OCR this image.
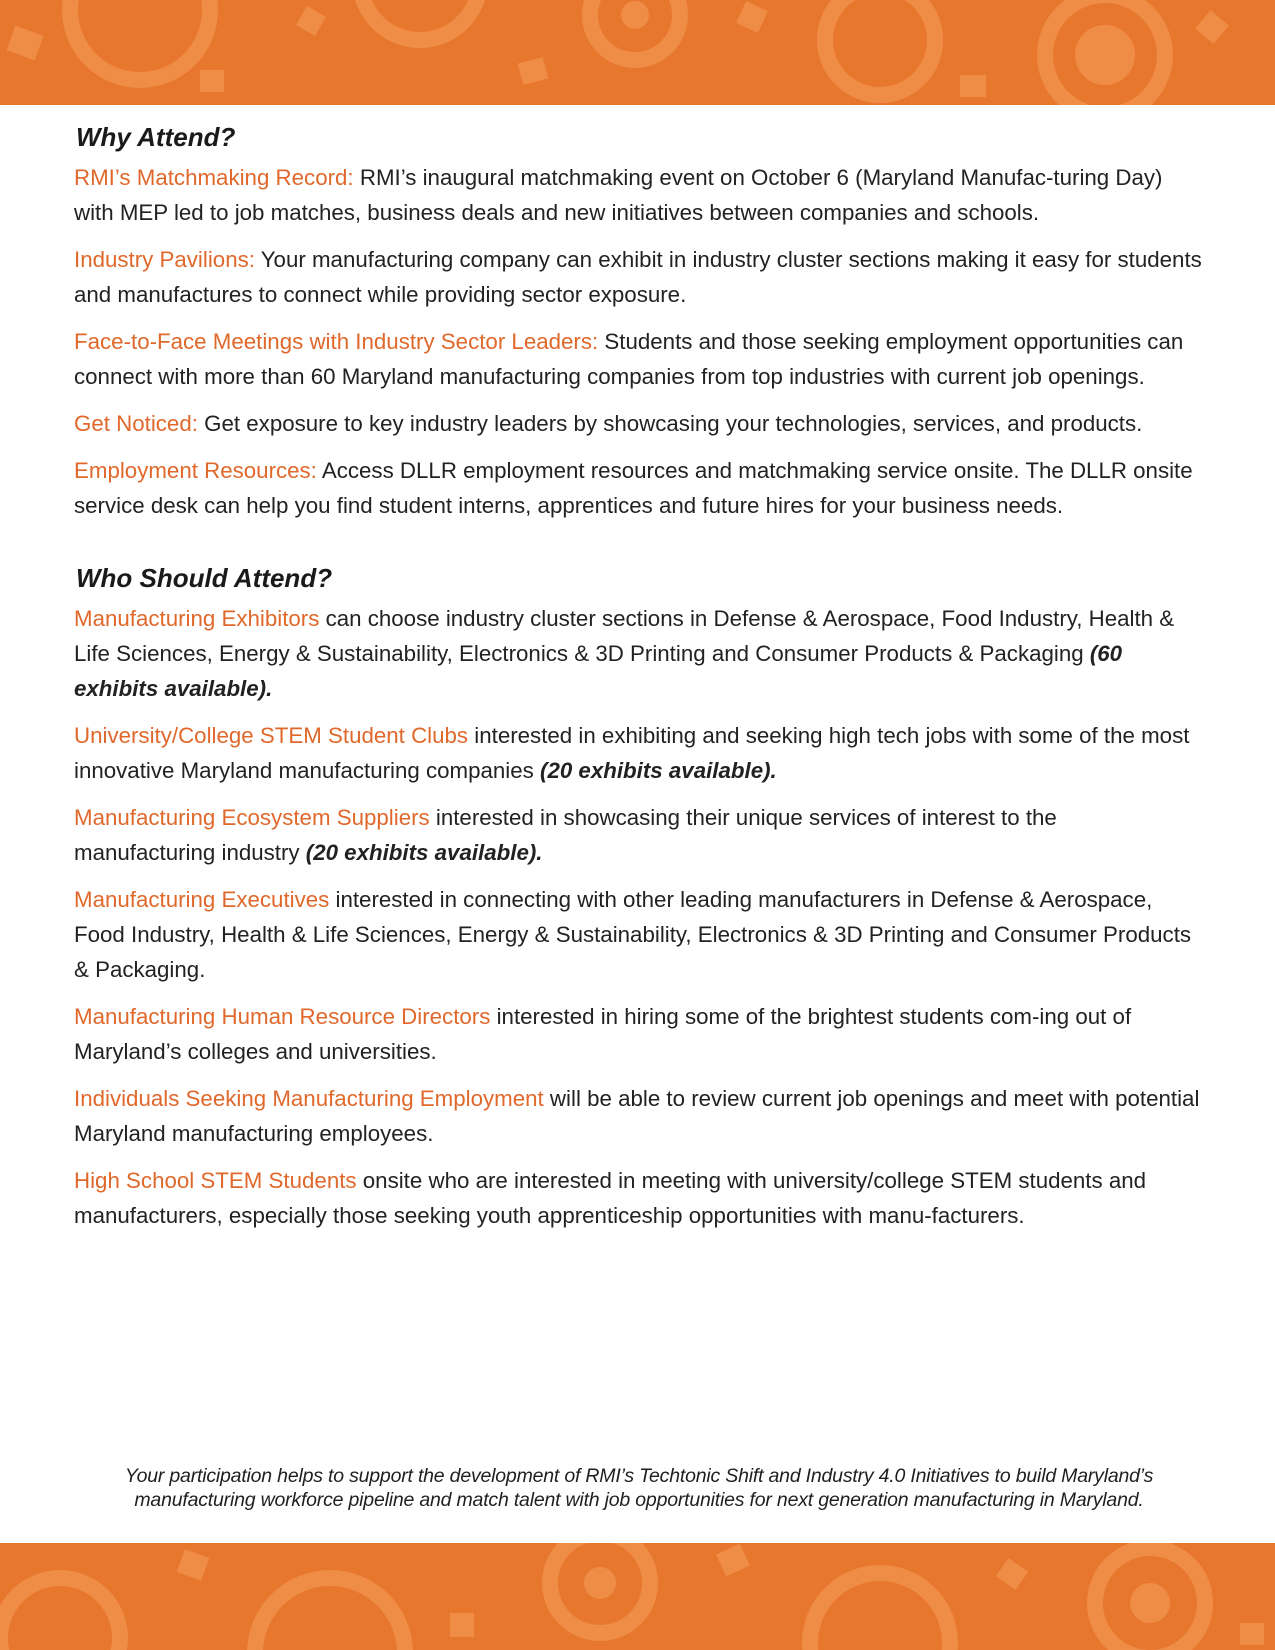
Why Attend?

RMI’s Matchmaking Record: RMI’s inaugural matchmaking event on October 6 (Maryland Manufac-turing Day) with MEP led to job matches, business deals and new initiatives between companies and schools.

Industry Pavilions: Your manufacturing company can exhibit in industry cluster sections making it easy for students and manufactures to connect while providing sector exposure.

Face-to-Face Meetings with Industry Sector Leaders: Students and those seeking employment opportunities can connect with more than 60 Maryland manufacturing companies from top industries with current job openings.

Get Noticed: Get exposure to key industry leaders by showcasing your technologies, services, and products.

Employment Resources: Access DLLR employment resources and matchmaking service onsite. The DLLR onsite service desk can help you find student interns, apprentices and future hires for your business needs.

Who Should Attend?

Manufacturing Exhibitors can choose industry cluster sections in Defense & Aerospace, Food Industry, Health & Life Sciences, Energy & Sustainability, Electronics & 3D Printing and Consumer Products & Packaging (60 exhibits available).

University/College STEM Student Clubs interested in exhibiting and seeking high tech jobs with some of the most innovative Maryland manufacturing companies (20 exhibits available).

Manufacturing Ecosystem Suppliers interested in showcasing their unique services of interest to the manufacturing industry (20 exhibits available).

Manufacturing Executives interested in connecting with other leading manufacturers in Defense & Aerospace, Food Industry, Health & Life Sciences, Energy & Sustainability, Electronics & 3D Printing and Consumer Products & Packaging.

Manufacturing Human Resource Directors interested in hiring some of the brightest students com-ing out of Maryland’s colleges and universities.

Individuals Seeking Manufacturing Employment will be able to review current job openings and meet with potential Maryland manufacturing employees.

High School STEM Students onsite who are interested in meeting with university/college STEM students and manufacturers, especially those seeking youth apprenticeship opportunities with manu-facturers.

Your participation helps to support the development of RMI’s Techtonic Shift and Industry 4.0 Initiatives to build Maryland’s manufacturing workforce pipeline and match talent with job opportunities for next generation manufacturing in Maryland.
